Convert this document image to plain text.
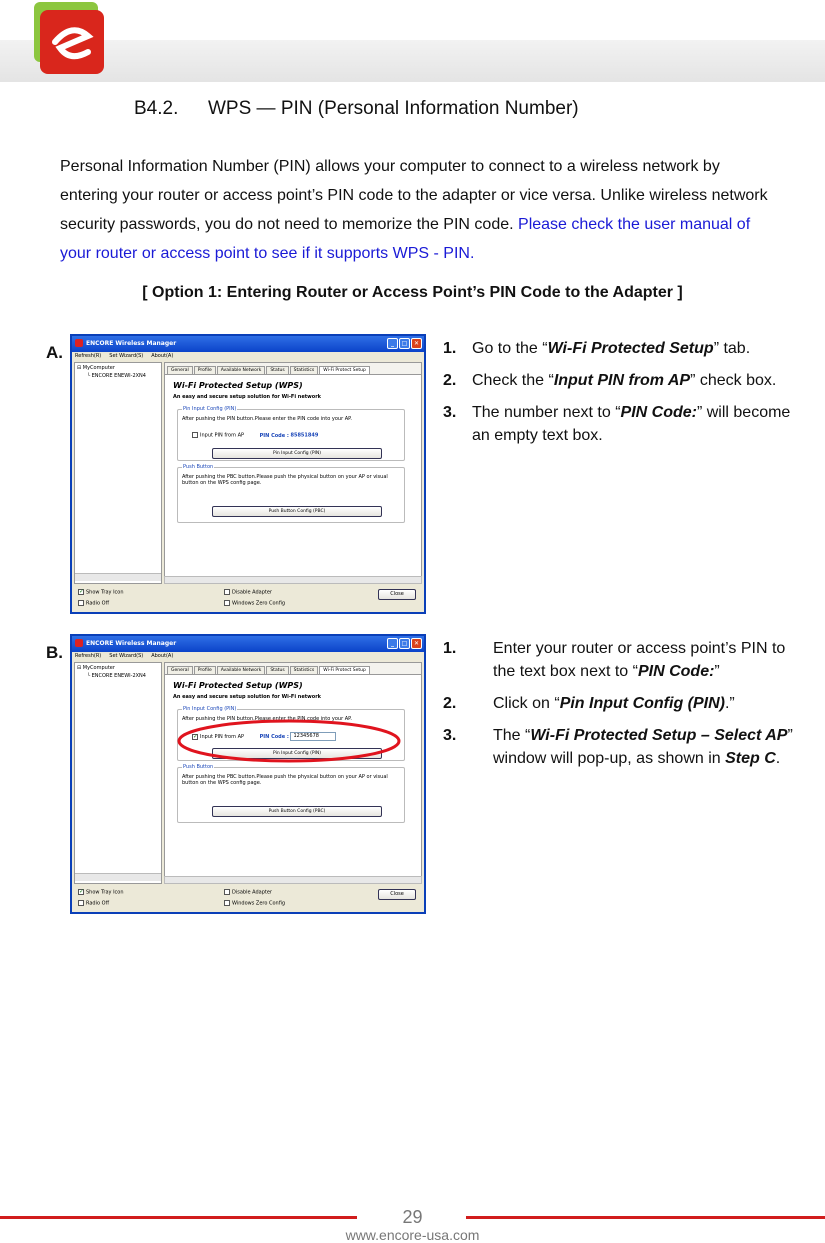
B4.2. WPS — PIN (Personal Information Number)
Personal Information Number (PIN) allows your computer to connect to a wireless network by entering your router or access point’s PIN code to the adapter or vice versa. Unlike wireless network security passwords, you do not need to memorize the PIN code. Please check the user manual of your router or access point to see if it supports WPS - PIN.
[ Option 1: Entering Router or Access Point’s PIN Code to the Adapter ]
A.	ENCORE Wireless Manager	_	□	✕
Refresh(R) Set Wizard(S) About(A)
⊟ MyComputer
└ ENCORE ENEWI-2XN4
General	Profile	Available Network	Status	Statistics	Wi-Fi Protect Setup
Wi-Fi Protected Setup (WPS)
An easy and secure setup solution for Wi-Fi network
Pin Input Config (PIN)
After pushing the PIN button.Please enter the PIN code into your AP.
Input PIN from AP	PIN Code : 85851849
Pin Input Config (PIN)
Push Button
After pushing the PBC button.Please push the physical button on your AP or visual button on the WPS config page.
Push Button Config (PBC)
✓Show Tray Icon
Radio Off
Disable Adapter
Windows Zero Config
Close
1. Go to the “Wi-Fi Protected Setup” tab.
2. Check the “Input PIN from AP” check box.
3. The number next to “PIN Code:” will become an empty text box.
B.	ENCORE Wireless Manager	_	□	✕
Refresh(R) Set Wizard(S) About(A)
⊟ MyComputer
└ ENCORE ENEWI-2XN4
General	Profile	Available Network	Status	Statistics	Wi-Fi Protect Setup
Wi-Fi Protected Setup (WPS)
An easy and secure setup solution for Wi-Fi network
Pin Input Config (PIN)
After pushing the PIN button.Please enter the PIN code into your AP.
✓Input PIN from AP	PIN Code : 12345678
Pin Input Config (PIN)
Push Button
After pushing the PBC button.Please push the physical button on your AP or visual button on the WPS config page.
Push Button Config (PBC)
✓Show Tray Icon
Radio Off
Disable Adapter
Windows Zero Config
Close
1.	Enter your router or access point’s PIN to the text box next to “PIN Code:”
2.	Click on “Pin Input Config (PIN).”
3.	The “Wi-Fi Protected Setup – Select AP” window will pop-up, as shown in Step C.
29
www.encore-usa.com
